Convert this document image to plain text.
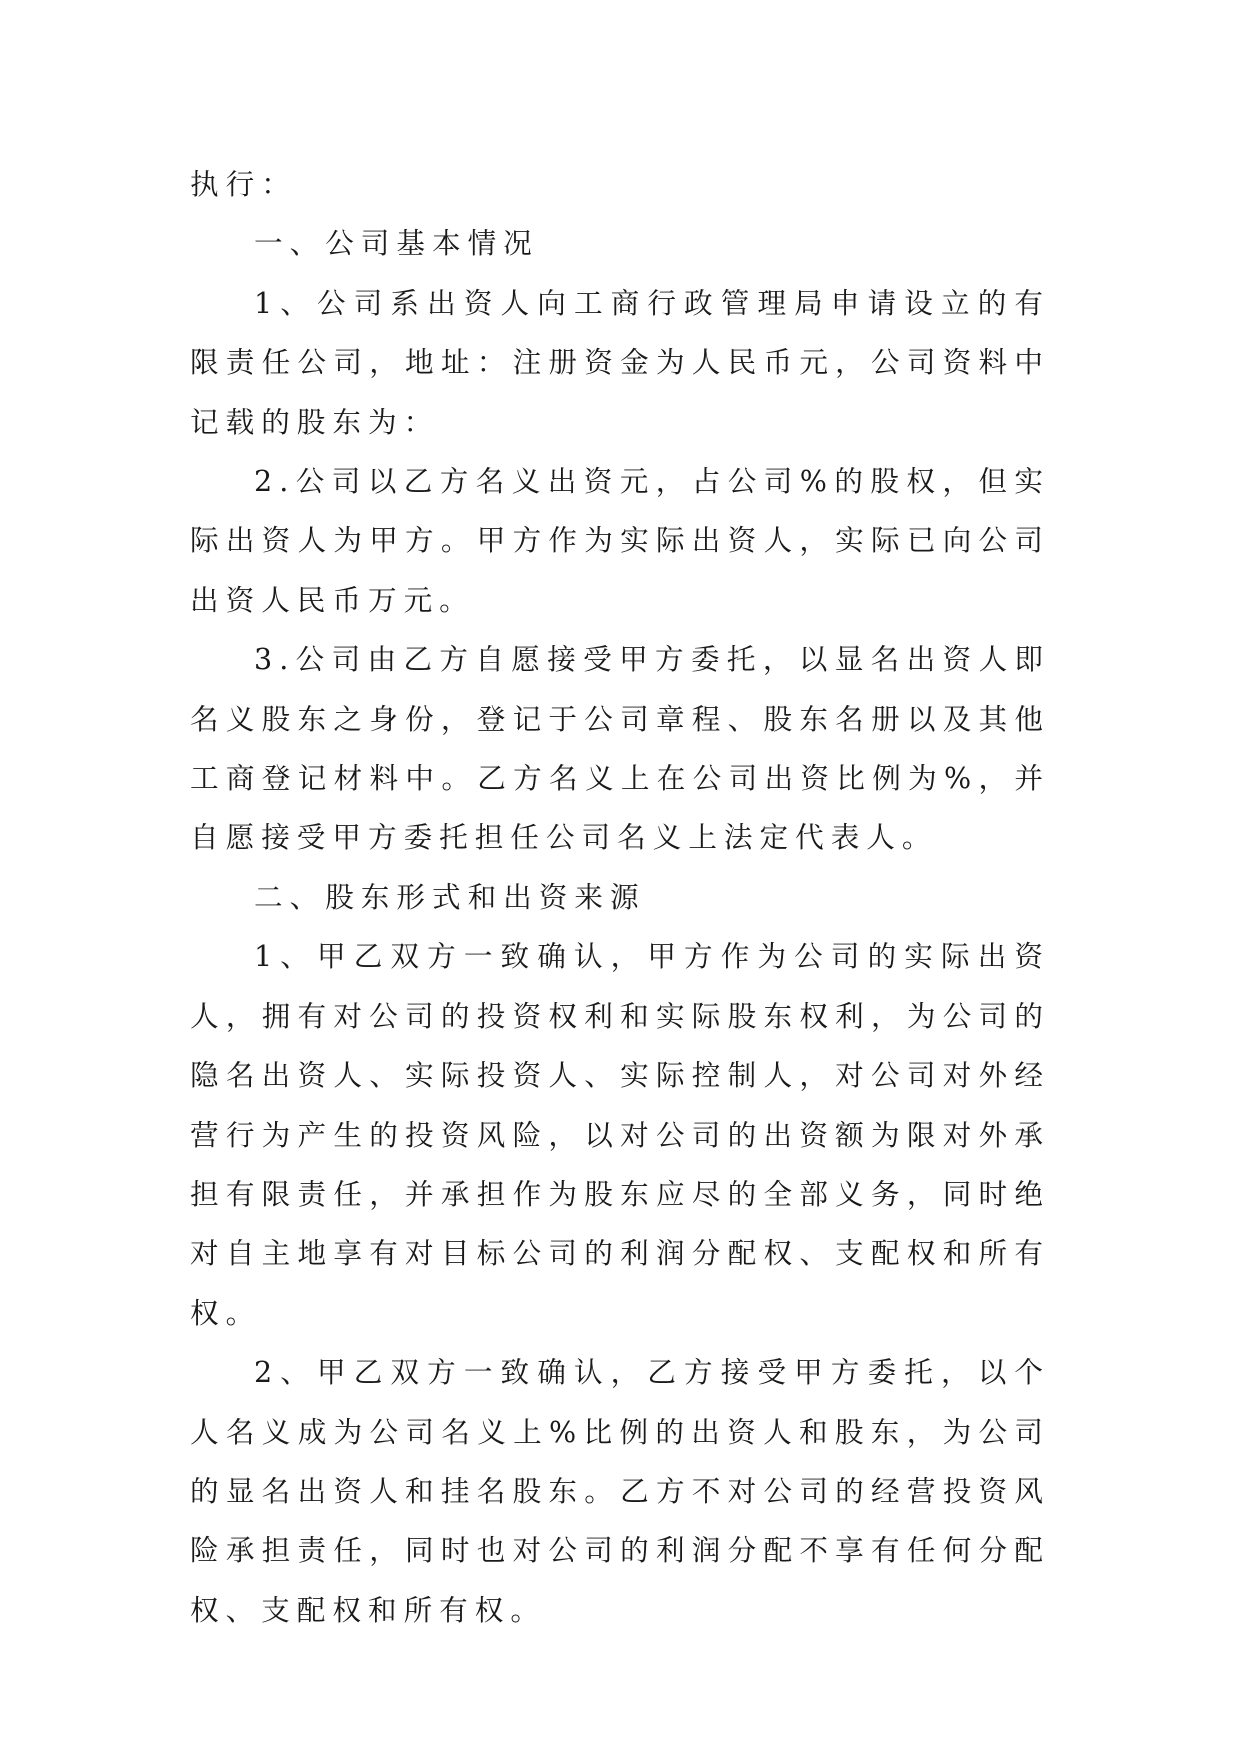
执行：

一、公司基本情况

1、公司系出资人向工商行政管理局申请设立的有限责任公司，地址：注册资金为人民币元，公司资料中记载的股东为：

2.公司以乙方名义出资元，占公司%的股权，但实际出资人为甲方。甲方作为实际出资人，实际已向公司出资人民币万元。

3.公司由乙方自愿接受甲方委托，以显名出资人即名义股东之身份，登记于公司章程、股东名册以及其他工商登记材料中。乙方名义上在公司出资比例为%，并自愿接受甲方委托担任公司名义上法定代表人。

二、股东形式和出资来源

1、甲乙双方一致确认，甲方作为公司的实际出资人，拥有对公司的投资权利和实际股东权利，为公司的隐名出资人、实际投资人、实际控制人，对公司对外经营行为产生的投资风险，以对公司的出资额为限对外承担有限责任，并承担作为股东应尽的全部义务，同时绝对自主地享有对目标公司的利润分配权、支配权和所有权。

2、甲乙双方一致确认，乙方接受甲方委托，以个人名义成为公司名义上%比例的出资人和股东，为公司的显名出资人和挂名股东。乙方不对公司的经营投资风险承担责任，同时也对公司的利润分配不享有任何分配权、支配权和所有权。
